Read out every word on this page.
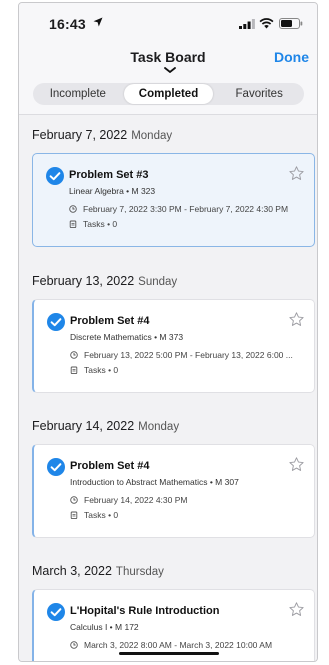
16:43
Task Board	Done
Incomplete	Completed	Favorites
February 7, 2022 Monday
Problem Set #3
Linear Algebra • M 323
February 7, 2022 3:30 PM - February 7, 2022 4:30 PM
Tasks • 0
February 13, 2022 Sunday
Problem Set #4
Discrete Mathematics • M 373
February 13, 2022 5:00 PM - February 13, 2022 6:00 ...
Tasks • 0
February 14, 2022 Monday
Problem Set #4
Introduction to Abstract Mathematics • M 307
February 14, 2022 4:30 PM
Tasks • 0
March 3, 2022 Thursday
L'Hopital's Rule Introduction
Calculus I • M 172
March 3, 2022 8:00 AM - March 3, 2022 10:00 AM
